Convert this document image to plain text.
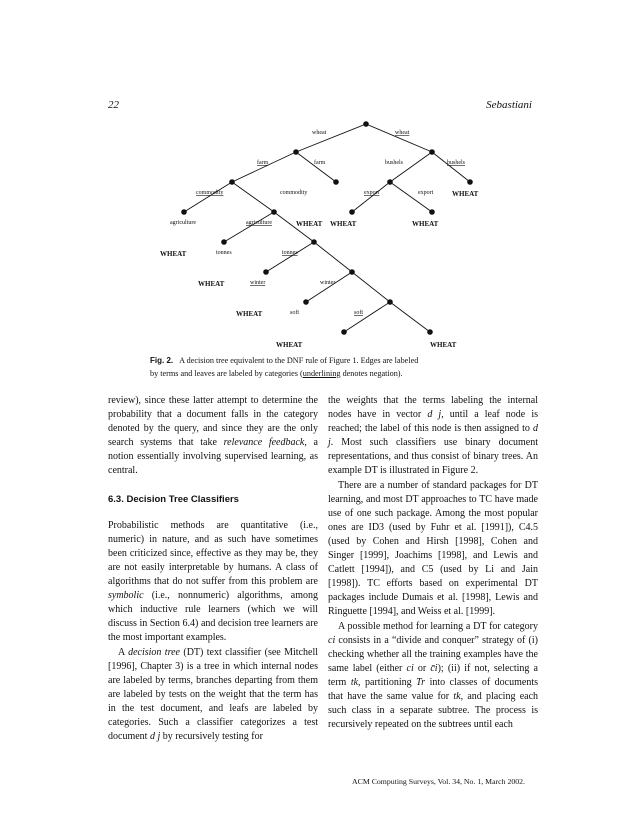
22	Sebastiani
wheat	wheat
farm	farm	bushels	bushels
commodity	commodity	export	export
agriculture	agriculture
tonnes	tonnes
winter	winter
soft	soft
WHEAT
WHEAT WHEAT	WHEAT
WHEAT
WHEAT
WHEAT
WHEAT	WHEAT
Fig. 2. A decision tree equivalent to the DNF rule of Figure 1. Edges are labeled
by terms and leaves are labeled by categories (underlining denotes negation).

review), since these latter attempt to determine the probability that a document falls in the category denoted by the query, and since they are the only search systems that take relevance feedback, a notion essentially involving supervised learning, as central.

6.3. Decision Tree Classifiers

Probabilistic methods are quantitative (i.e., numeric) in nature, and as such have sometimes been criticized since, effective as they may be, they are not easily interpretable by humans. A class of algorithms that do not suffer from this problem are symbolic (i.e., nonnumeric) algorithms, among which inductive rule learners (which we will discuss in Section 6.4) and decision tree learners are the most important examples.

A decision tree (DT) text classifier (see Mitchell [1996], Chapter 3) is a tree in which internal nodes are labeled by terms, branches departing from them are labeled by tests on the weight that the term has in the test document, and leafs are labeled by categories. Such a classifier categorizes a test document d j by recursively testing for

the weights that the terms labeling the internal nodes have in vector d j, until a leaf node is reached; the label of this node is then assigned to d j. Most such classifiers use binary document representations, and thus consist of binary trees. An example DT is illustrated in Figure 2.

There are a number of standard packages for DT learning, and most DT approaches to TC have made use of one such package. Among the most popular ones are ID3 (used by Fuhr et al. [1991]), C4.5 (used by Cohen and Hirsh [1998], Cohen and Singer [1999], Joachims [1998], and Lewis and Catlett [1994]), and C5 (used by Li and Jain [1998]). TC efforts based on experimental DT packages include Dumais et al. [1998], Lewis and Ringuette [1994], and Weiss et al. [1999].

A possible method for learning a DT for category ci consists in a “divide and conquer” strategy of (i) checking whether all the training examples have the same label (either ci or c̄i); (ii) if not, selecting a term tk, partitioning Tr into classes of documents that have the same value for tk, and placing each such class in a separate subtree. The process is recursively repeated on the subtrees until each

ACM Computing Surveys, Vol. 34, No. 1, March 2002.
